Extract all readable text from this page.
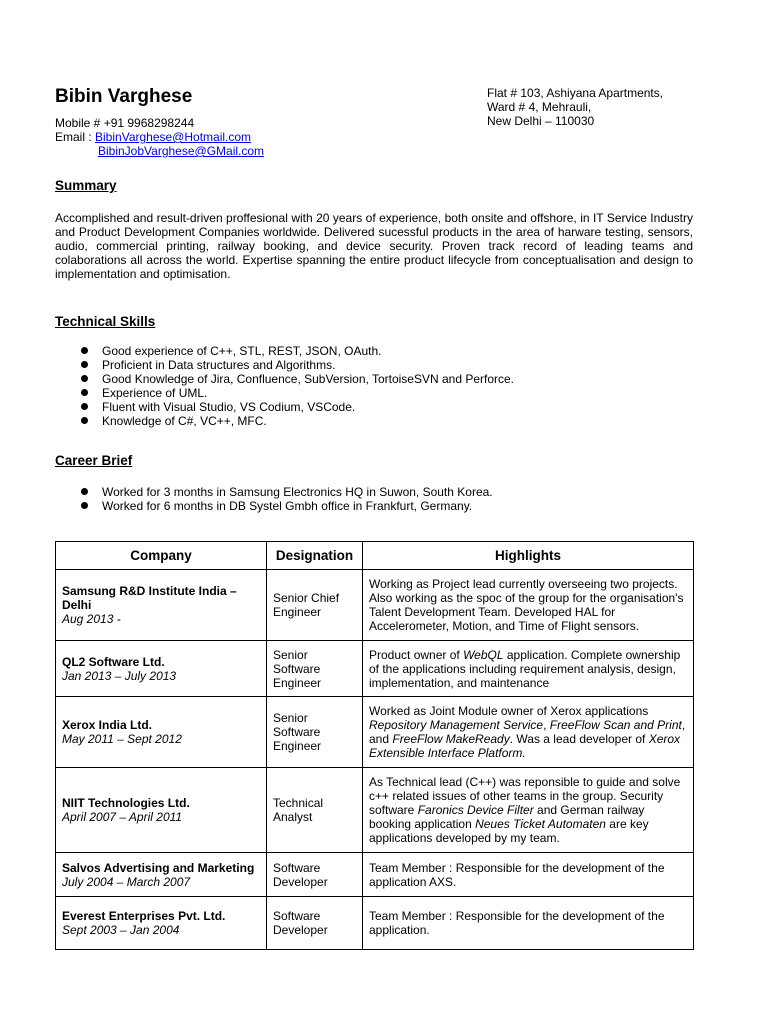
Bibin Varghese
Mobile # +91 9968298244
Email : BibinVarghese@Hotmail.com
BibinJobVarghese@GMail.com
Flat # 103, Ashiyana Apartments,
Ward # 4, Mehrauli,
New Delhi – 110030
Summary

Accomplished and result-driven proffesional with 20 years of experience, both onsite and offshore, in IT Service Industry and Product Development Companies worldwide. Delivered sucessful products in the area of harware testing, sensors, audio, commercial printing, railway booking, and device security. Proven track record of leading teams and colaborations all across the world. Expertise spanning the entire product lifecycle from conceptualisation and design to implementation and optimisation.

Technical Skills
Good experience of C++, STL, REST, JSON, OAuth.
Proficient in Data structures and Algorithms.
Good Knowledge of Jira, Confluence, SubVersion, TortoiseSVN and Perforce.
Experience of UML.
Fluent with Visual Studio, VS Codium, VSCode.
Knowledge of C#, VC++, MFC.
Career Brief
Worked for 3 months in Samsung Electronics HQ in Suwon, South Korea.
Worked for 6 months in DB Systel Gmbh office in Frankfurt, Germany.
Company	Designation	Highlights

Samsung R&D Institute India – Delhi
Aug 2013 -	Senior Chief Engineer	Working as Project lead currently overseeing two projects. Also working as the spoc of the group for the organisation's Talent Development Team. Developed HAL for Accelerometer, Motion, and Time of Flight sensors.

QL2 Software Ltd.
Jan 2013 – July 2013	Senior Software Engineer	Product owner of WebQL application. Complete ownership of the applications including requirement analysis, design, implementation, and maintenance

Xerox India Ltd.
May 2011 – Sept 2012	Senior Software Engineer	Worked as Joint Module owner of Xerox applications Repository Management Service, FreeFlow Scan and Print, and FreeFlow MakeReady. Was a lead developer of Xerox Extensible Interface Platform.

NIIT Technologies Ltd.
April 2007 – April 2011	Technical Analyst	As Technical lead (C++) was reponsible to guide and solve c++ related issues of other teams in the group. Security software Faronics Device Filter and German railway booking application Neues Ticket Automaten are key applications developed by my team.

Salvos Advertising and Marketing
July 2004 – March 2007	Software Developer	Team Member : Responsible for the development of the application AXS.

Everest Enterprises Pvt. Ltd.
Sept 2003 – Jan 2004	Software Developer	Team Member : Responsible for the development of the application.
